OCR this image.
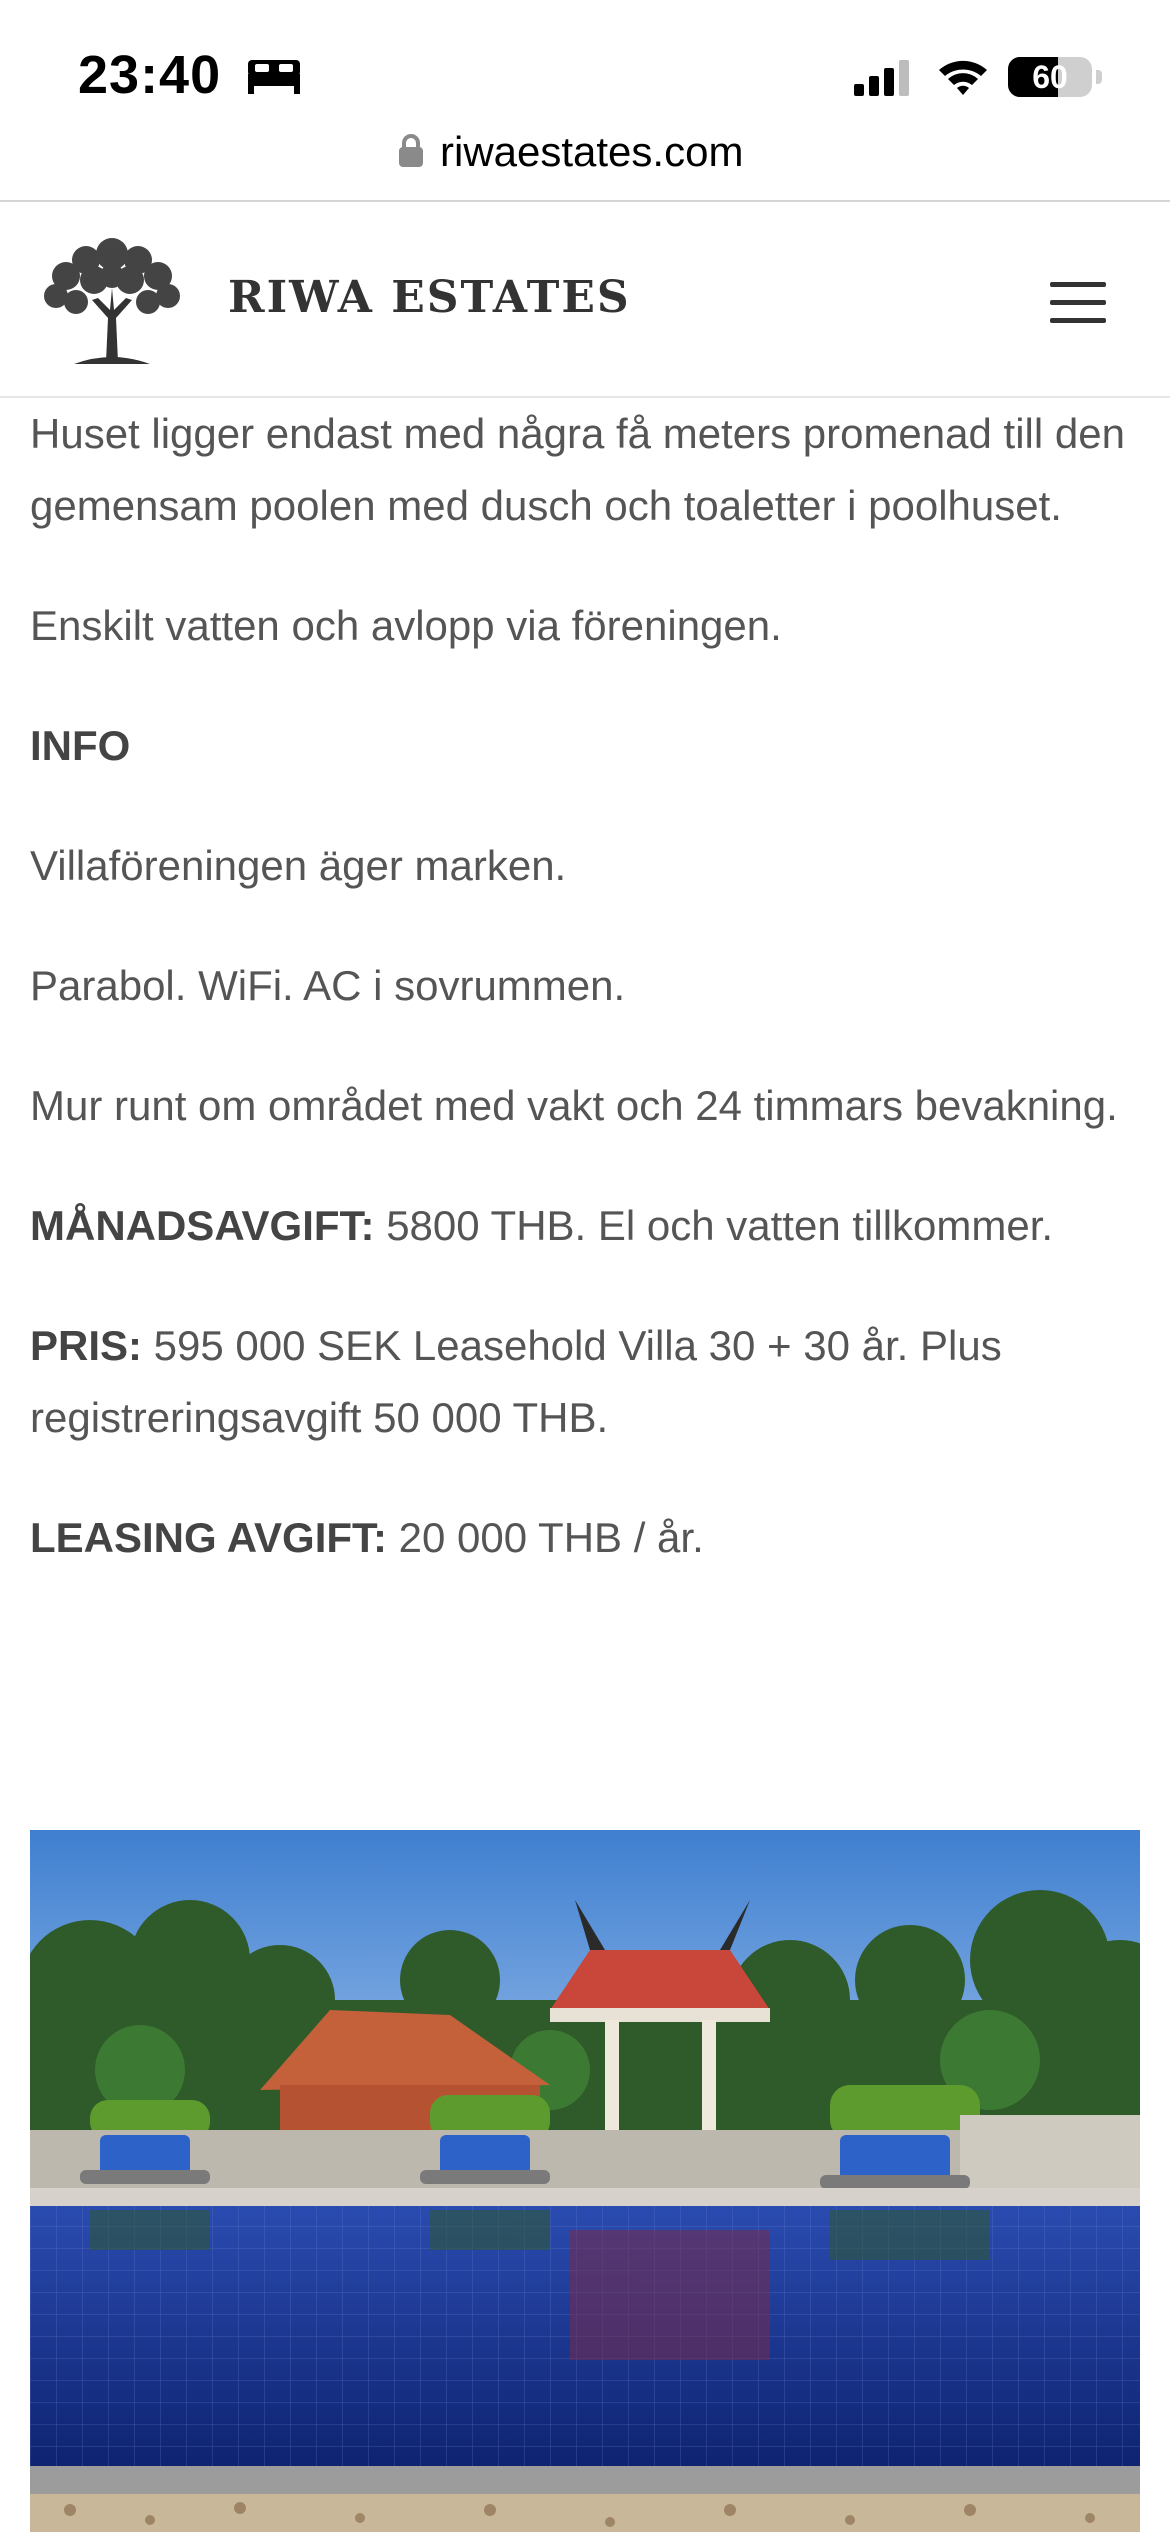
23:40	60
riwaestates.com
RIWA ESTATES

Huset ligger endast med några få meters promenad till den gemensam poolen med dusch och toaletter i poolhuset.

Enskilt vatten och avlopp via föreningen.

INFO

Villaföreningen äger marken.

Parabol. WiFi. AC i sovrummen.

Mur runt om området med vakt och 24 timmars bevakning.

MÅNADSAVGIFT: 5800 THB. El och vatten tillkommer.

PRIS: 595 000 SEK Leasehold Villa 30 + 30 år. Plus registreringsavgift 50 000 THB.

LEASING AVGIFT: 20 000 THB / år.
